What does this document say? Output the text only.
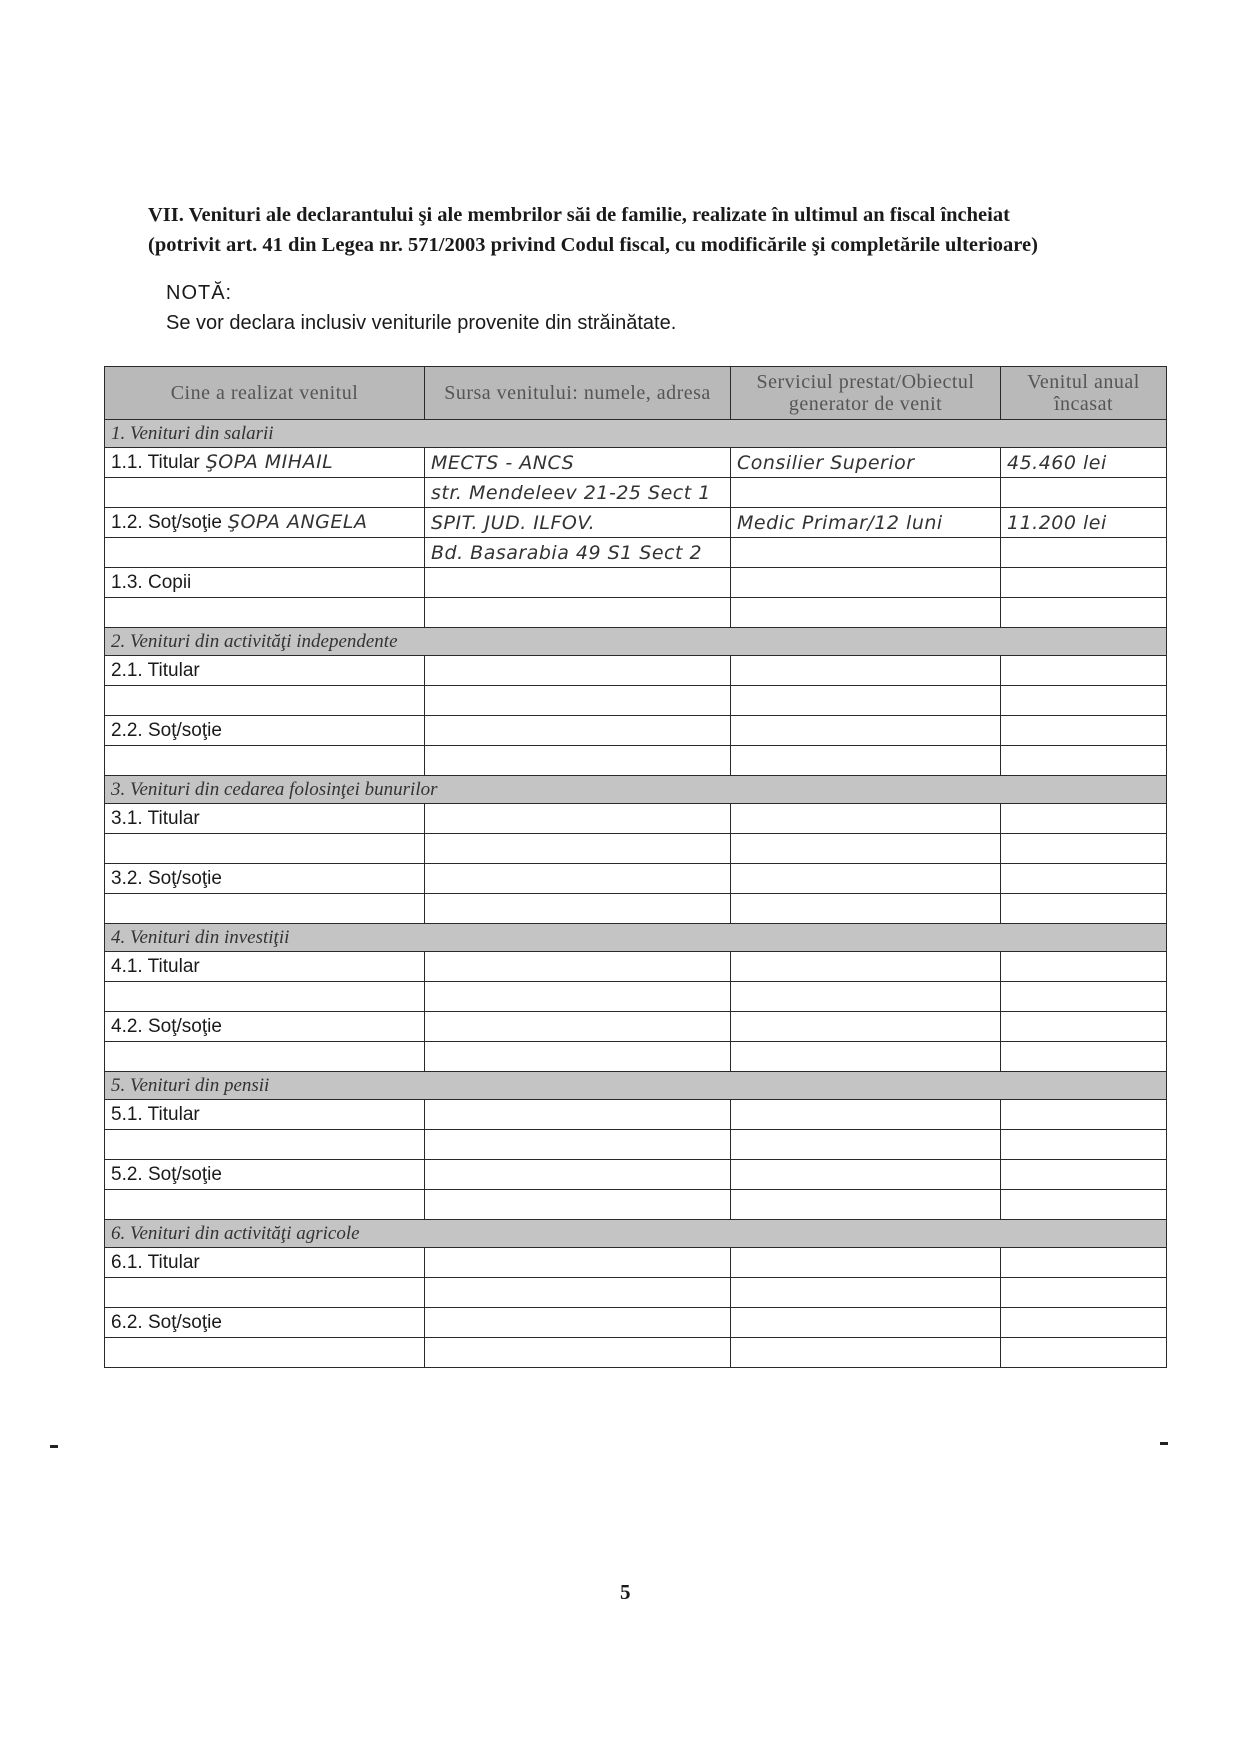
VII. Venituri ale declarantului şi ale membrilor săi de familie, realizate în ultimul an fiscal încheiat
(potrivit art. 41 din Legea nr. 571/2003 privind Codul fiscal, cu modificările şi completările ulterioare)
NOTĂ:
Se vor declara inclusiv veniturile provenite din străinătate.
Cine a realizat venitul	Sursa venitului: numele, adresa	Serviciul prestat/Obiectul generator de venit	Venitul anual încasat
1. Venituri din salarii			
1.1. Titular ŞOPA MIHAIL	MECTS - ANCS	Consilier Superior	45.460 lei
	str. Mendeleev 21-25 Sect 1		
1.2. Soţ/soţie ŞOPA ANGELA	SPIT. JUD. ILFOV.	Medic Primar/12 luni	11.200 lei
	Bd. Basarabia 49 S1 Sect 2		
1.3. Copii			

2. Venituri din activităţi independente			
2.1. Titular			

2.2. Soţ/soţie			

3. Venituri din cedarea folosinţei bunurilor			
3.1. Titular			

3.2. Soţ/soţie			

4. Venituri din investiţii			
4.1. Titular			

4.2. Soţ/soţie			

5. Venituri din pensii			
5.1. Titular			

5.2. Soţ/soţie			

6. Venituri din activităţi agricole			
6.1. Titular			

6.2. Soţ/soţie			

5
